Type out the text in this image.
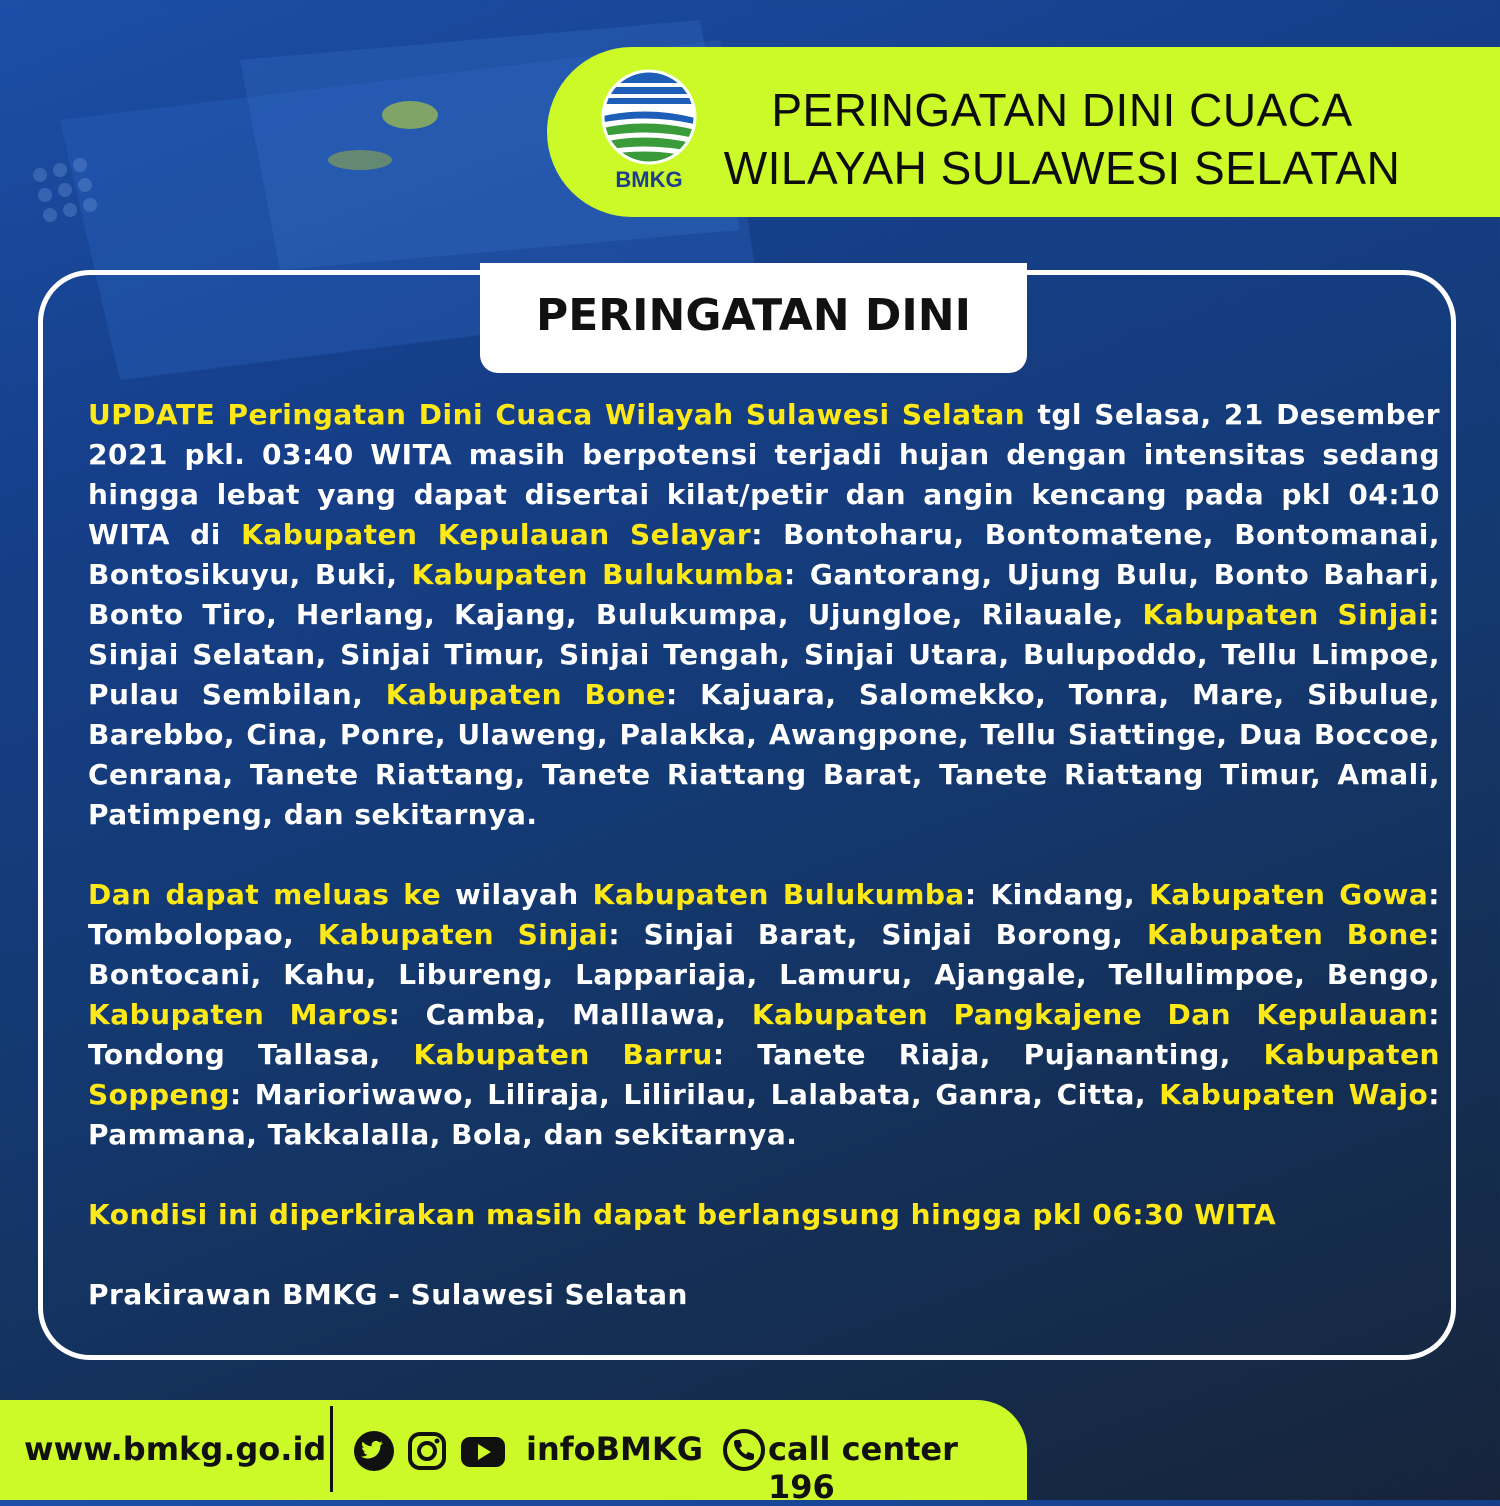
BMKG
PERINGATAN DINI CUACA
WILAYAH SULAWESI SELATAN
PERINGATAN DINI

UPDATE Peringatan Dini Cuaca Wilayah Sulawesi Selatan tgl Selasa, 21 Desember 2021 pkl. 03:40 WITA masih berpotensi terjadi hujan dengan intensitas sedang hingga lebat yang dapat disertai kilat/petir dan angin kencang pada pkl 04:10 WITA di Kabupaten Kepulauan Selayar: Bontoharu, Bontomatene, Bontomanai, Bontosikuyu, Buki, Kabupaten Bulukumba: Gantorang, Ujung Bulu, Bonto Bahari, Bonto Tiro, Herlang, Kajang, Bulukumpa, Ujungloe, Rilauale, Kabupaten Sinjai: Sinjai Selatan, Sinjai Timur, Sinjai Tengah, Sinjai Utara, Bulupoddo, Tellu Limpoe, Pulau Sembilan, Kabupaten Bone: Kajuara, Salomekko, Tonra, Mare, Sibulue, Barebbo, Cina, Ponre, Ulaweng, Palakka, Awangpone, Tellu Siattinge, Dua Boccoe, Cenrana, Tanete Riattang, Tanete Riattang Barat, Tanete Riattang Timur, Amali, Patimpeng, dan sekitarnya.

Dan dapat meluas ke wilayah Kabupaten Bulukumba: Kindang, Kabupaten Gowa: Tombolopao, Kabupaten Sinjai: Sinjai Barat, Sinjai Borong, Kabupaten Bone: Bontocani, Kahu, Libureng, Lappariaja, Lamuru, Ajangale, Tellulimpoe, Bengo, Kabupaten Maros: Camba, Malllawa, Kabupaten Pangkajene Dan Kepulauan: Tondong Tallasa, Kabupaten Barru: Tanete Riaja, Pujananting, Kabupaten Soppeng: Marioriwawo, Liliraja, Lilirilau, Lalabata, Ganra, Citta, Kabupaten Wajo: Pammana, Takkalalla, Bola, dan sekitarnya.

Kondisi ini diperkirakan masih dapat berlangsung hingga pkl 06:30 WITA

Prakirawan BMKG - Sulawesi Selatan

www.bmkg.go.id	infoBMKG call center 196
